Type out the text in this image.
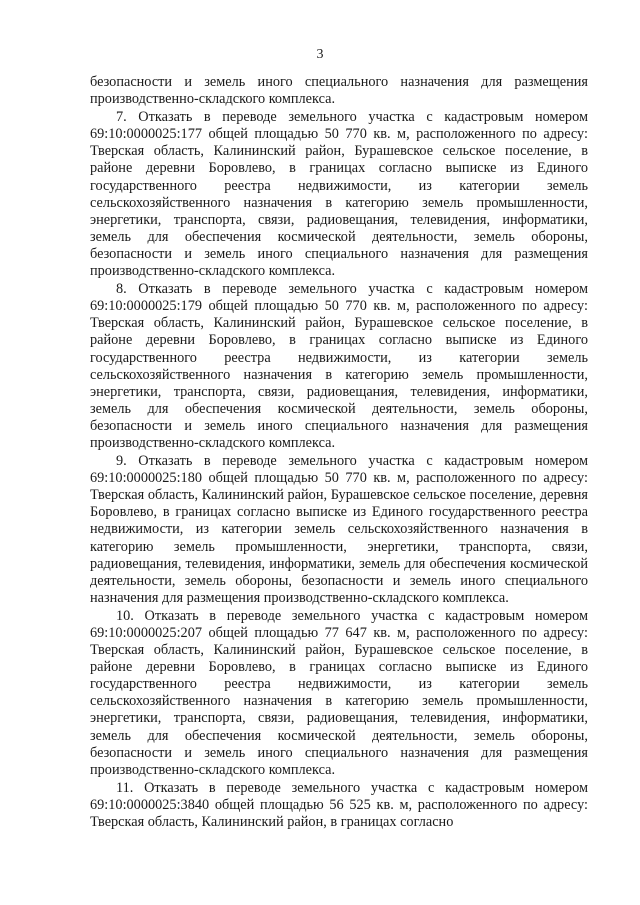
3

безопасности и земель иного специального назначения для размещения производственно-складского комплекса.

7. Отказать в переводе земельного участка с кадастровым номером 69:10:0000025:177 общей площадью 50 770 кв. м, расположенного по адресу: Тверская область, Калининский район, Бурашевское сельское поселение, в районе деревни Боровлево, в границах согласно выписке из Единого государственного реестра недвижимости, из категории земель сельскохозяйственного назначения в категорию земель промышленности, энергетики, транспорта, связи, радиовещания, телевидения, информатики, земель для обеспечения космической деятельности, земель обороны, безопасности и земель иного специального назначения для размещения производственно-складского комплекса.

8. Отказать в переводе земельного участка с кадастровым номером 69:10:0000025:179 общей площадью 50 770 кв. м, расположенного по адресу: Тверская область, Калининский район, Бурашевское сельское поселение, в районе деревни Боровлево, в границах согласно выписке из Единого государственного реестра недвижимости, из категории земель сельскохозяйственного назначения в категорию земель промышленности, энергетики, транспорта, связи, радиовещания, телевидения, информатики, земель для обеспечения космической деятельности, земель обороны, безопасности и земель иного специального назначения для размещения производственно-складского комплекса.

9. Отказать в переводе земельного участка с кадастровым номером 69:10:0000025:180 общей площадью 50 770 кв. м, расположенного по адресу: Тверская область, Калининский район, Бурашевское сельское поселение, деревня Боровлево, в границах согласно выписке из Единого государственного реестра недвижимости, из категории земель сельскохозяйственного назначения в категорию земель промышленности, энергетики, транспорта, связи, радиовещания, телевидения, информатики, земель для обеспечения космической деятельности, земель обороны, безопасности и земель иного специального назначения для размещения производственно-складского комплекса.

10. Отказать в переводе земельного участка с кадастровым номером 69:10:0000025:207 общей площадью 77 647 кв. м, расположенного по адресу: Тверская область, Калининский район, Бурашевское сельское поселение, в районе деревни Боровлево, в границах согласно выписке из Единого государственного реестра недвижимости, из категории земель сельскохозяйственного назначения в категорию земель промышленности, энергетики, транспорта, связи, радиовещания, телевидения, информатики, земель для обеспечения космической деятельности, земель обороны, безопасности и земель иного специального назначения для размещения производственно-складского комплекса.

11. Отказать в переводе земельного участка с кадастровым номером 69:10:0000025:3840 общей площадью 56 525 кв. м, расположенного по адресу: Тверская область, Калининский район, в границах согласно
